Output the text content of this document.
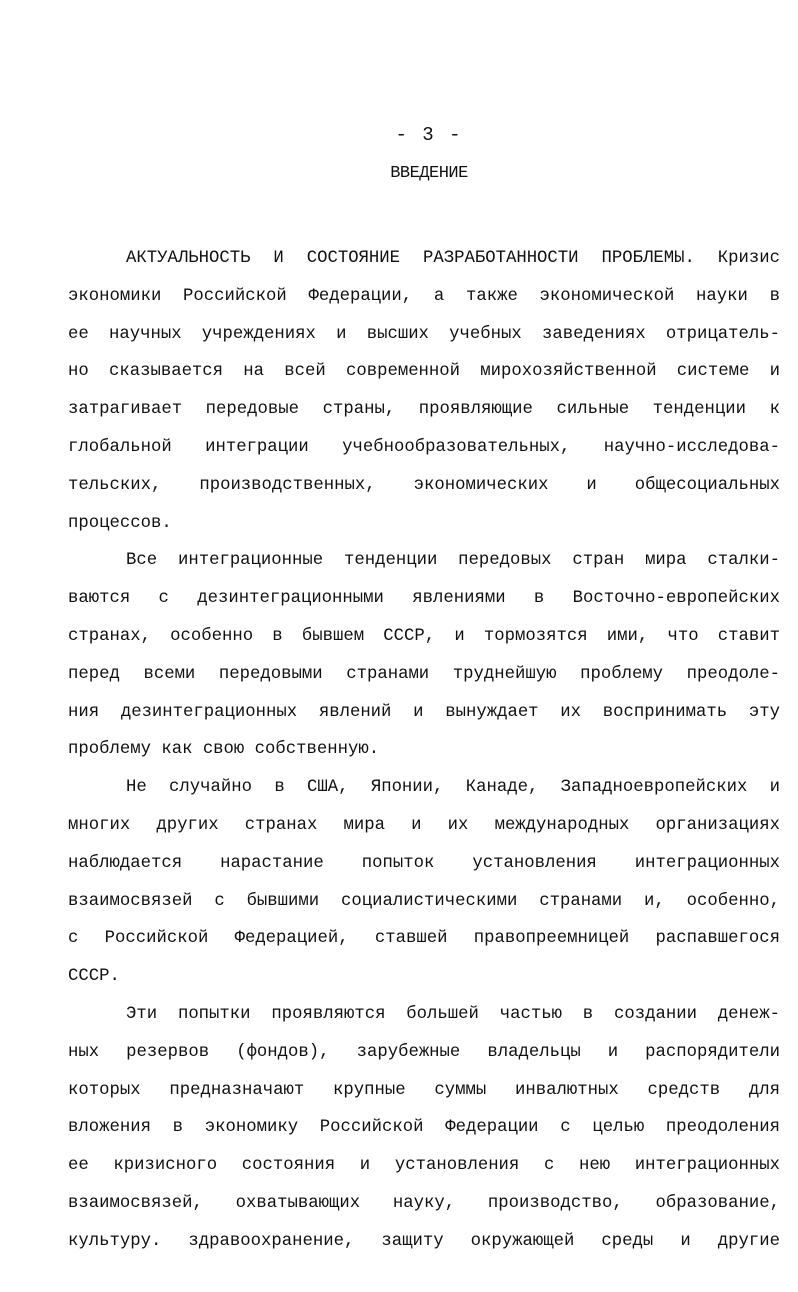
- 3 -
ВВЕДЕНИЕ
АКТУАЛЬНОСТЬ И СОСТОЯНИЕ РАЗРАБОТАННОСТИ ПРОБЛЕМЫ. Кризис
экономики Российской Федерации, а также экономической науки в
ее научных учреждениях и высших учебных заведениях отрицатель-
но сказывается на всей современной мирохозяйственной системе и
затрагивает передовые страны, проявляющие сильные тенденции к
глобальной интеграции учебнообразовательных, научно-исследова-
тельских, производственных, экономических и общесоциальных
процессов.
Все интеграционные тенденции передовых стран мира сталки-
ваются с дезинтеграционными явлениями в Восточно-европейских
странах, особенно в бывшем СССР, и тормозятся ими, что ставит
перед всеми передовыми странами труднейшую проблему преодоле-
ния дезинтеграционных явлений и вынуждает их воспринимать эту
проблему как свою собственную.
Не случайно в США, Японии, Канаде, Западноевропейских и
многих других странах мира и их международных организациях
наблюдается нарастание попыток установления интеграционных
взаимосвязей с бывшими социалистическими странами и, особенно,
с Российской Федерацией, ставшей правопреемницей распавшегося
СССР.
Эти попытки проявляются большей частью в создании денеж-
ных резервов (фондов), зарубежные владельцы и распорядители
которых предназначают крупные суммы инвалютных средств для
вложения в экономику Российской Федерации с целью преодоления
ее кризисного состояния и установления с нею интеграционных
взаимосвязей, охватывающих науку, производство, образование,
культуру. здравоохранение, защиту окружающей среды и другие
